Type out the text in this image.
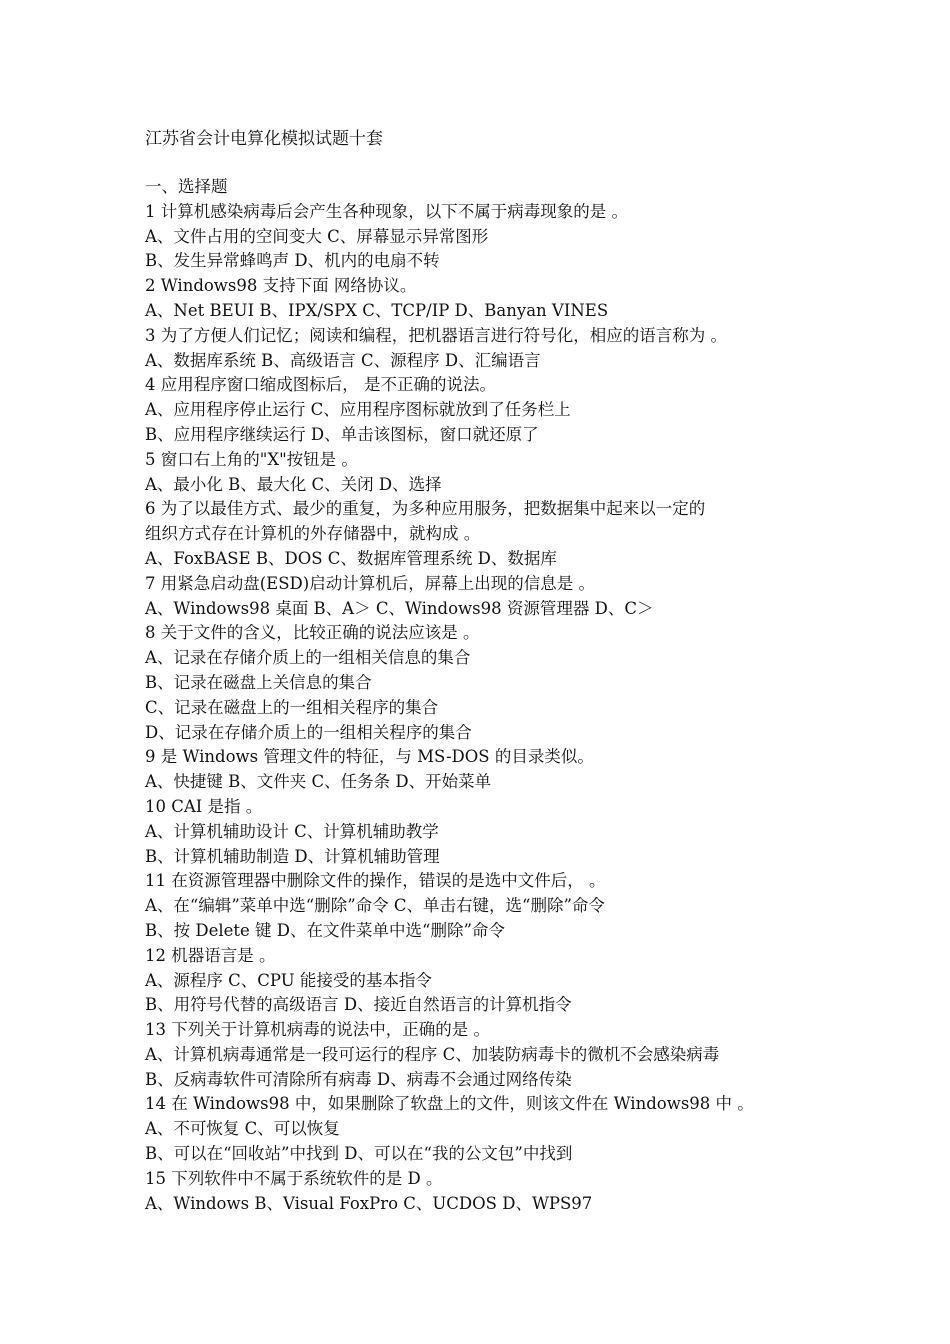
江苏省会计电算化模拟试题十套
一、选择题
1 计算机感染病毒后会产生各种现象，以下不属于病毒现象的是 。
A、文件占用的空间变大 C、屏幕显示异常图形
B、发生异常蜂鸣声 D、机内的电扇不转
2 Windows98 支持下面 网络协议。
A、Net BEUI B、IPX/SPX C、TCP/IP D、Banyan VINES
3 为了方便人们记忆；阅读和编程，把机器语言进行符号化，相应的语言称为 。
A、数据库系统 B、高级语言 C、源程序 D、汇编语言
4 应用程序窗口缩成图标后， 是不正确的说法。
A、应用程序停止运行 C、应用程序图标就放到了任务栏上
B、应用程序继续运行 D、单击该图标，窗口就还原了
5 窗口右上角的"X"按钮是 。
A、最小化 B、最大化 C、关闭 D、选择
6 为了以最佳方式、最少的重复，为多种应用服务，把数据集中起来以一定的
组织方式存在计算机的外存储器中，就构成 。
A、FoxBASE B、DOS C、数据库管理系统 D、数据库
7 用紧急启动盘(ESD)启动计算机后，屏幕上出现的信息是 。
A、Windows98 桌面 B、A＞ C、Windows98 资源管理器 D、C＞
8 关于文件的含义，比较正确的说法应该是 。
A、记录在存储介质上的一组相关信息的集合
B、记录在磁盘上关信息的集合
C、记录在磁盘上的一组相关程序的集合
D、记录在存储介质上的一组相关程序的集合
9 是 Windows 管理文件的特征，与 MS-DOS 的目录类似。
A、快捷键 B、文件夹 C、任务条 D、开始菜单
10 CAI 是指 。
A、计算机辅助设计 C、计算机辅助教学
B、计算机辅助制造 D、计算机辅助管理
11 在资源管理器中删除文件的操作，错误的是选中文件后， 。
A、在“编辑”菜单中选“删除”命令 C、单击右键，选“删除”命令
B、按 Delete 键 D、在文件菜单中选“删除”命令
12 机器语言是 。
A、源程序 C、CPU 能接受的基本指令
B、用符号代替的高级语言 D、接近自然语言的计算机指令
13 下列关于计算机病毒的说法中，正确的是 。
A、计算机病毒通常是一段可运行的程序 C、加装防病毒卡的微机不会感染病毒
B、反病毒软件可清除所有病毒 D、病毒不会通过网络传染
14 在 Windows98 中，如果删除了软盘上的文件，则该文件在 Windows98 中 。
A、不可恢复 C、可以恢复
B、可以在“回收站”中找到 D、可以在“我的公文包”中找到
15 下列软件中不属于系统软件的是 D 。
A、Windows B、Visual FoxPro C、UCDOS D、WPS97
